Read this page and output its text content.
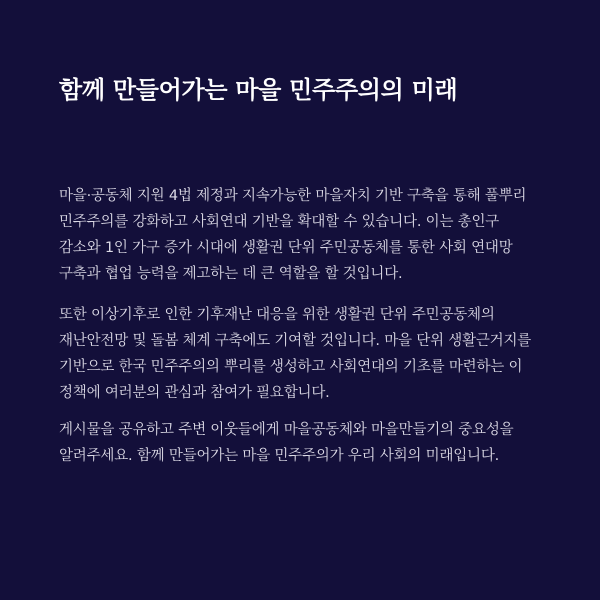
함께 만들어가는 마을 민주주의의 미래

마을·공동체 지원 4법 제정과 지속가능한 마을자치 기반 구축을 통해 풀뿌리 민주주의를 강화하고 사회연대 기반을 확대할 수 있습니다. 이는 총인구 감소와 1인 가구 증가 시대에 생활권 단위 주민공동체를 통한 사회 연대망 구축과 협업 능력을 제고하는 데 큰 역할을 할 것입니다.

또한 이상기후로 인한 기후재난 대응을 위한 생활권 단위 주민공동체의 재난안전망 및 돌봄 체계 구축에도 기여할 것입니다. 마을 단위 생활근거지를 기반으로 한국 민주주의의 뿌리를 생성하고 사회연대의 기초를 마련하는 이 정책에 여러분의 관심과 참여가 필요합니다.

게시물을 공유하고 주변 이웃들에게 마을공동체와 마을만들기의 중요성을 알려주세요. 함께 만들어가는 마을 민주주의가 우리 사회의 미래입니다.
